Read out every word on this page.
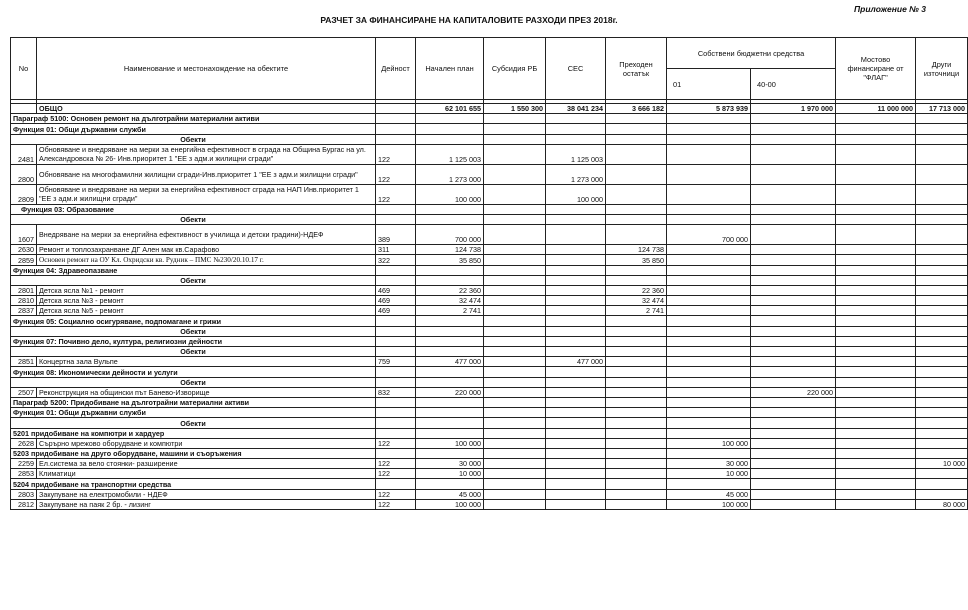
Приложение № 3
РАЗЧЕТ ЗА ФИНАНСИРАНЕ НА КАПИТАЛОВИТЕ РАЗХОДИ ПРЕЗ 2018г.
No	Наименование и местонахождение на обектите	Дейност	Начален план	Субсидия РБ	СЕС	Преходен остатък	Собствени бюджетни средства		Мостово финансиране от "ФЛАГ"	Други източници
							01	40-00		

	ОБЩО		62 101 655	1 550 300	38 041 234	3 666 182	5 873 939	1 970 000	11 000 000	17 713 000
Параграф 5100: Основен ремонт на дълготрайни материални активи										
Функция 01: Общи държавни служби										
Обекти										
2481	Обновяване и внедряване на мерки за енергийна ефективност в сграда на Община Бургас на ул. Александровска № 26- Инв.приоритет 1 "ЕЕ з адм.и жилищни сгради"	122	1 125 003		1 125 003					
2800	Обновяване на многофамилни жилищни сгради-Инв.приоритет 1 "ЕЕ з адм.и жилищни сгради"	122	1 273 000		1 273 000					
2809	Обновяване и внедряване на мерки за енергийна ефективност сграда на НАП Инв.приоритет 1 "ЕЕ з адм.и жилищни сгради"	122	100 000		100 000					
Функция 03: Образование										
Обекти										
1607	Внедряване на мерки за енергийна ефективност в училища и детски градини)-НДЕФ	389	700 000				700 000			
2630	Ремонт и топлозахранване ДГ Ален мак кв.Сарафово	311	124 738			124 738				
2859	Основен ремонт на ОУ Кл. Охридски кв. Рудник – ПМС №230/20.10.17 г.	322	35 850			35 850				
Функция 04: Здравеопазване										
Обекти										
2801	Детска ясла №1 - ремонт	469	22 360			22 360				
2810	Детска ясла №3 - ремонт	469	32 474			32 474				
2837	Детска ясла №5 - ремонт	469	2 741			2 741				
Функция 05: Социално осигуряване, подпомагане и грижи										
Обекти										
Функция 07: Почивно дело, култура, религиозни дейности										
Обекти										
2851	Концертна зала Вульпе	759	477 000		477 000					
Функция 08: Икономически дейности и услуги										
Обекти										
2507	Реконструкция на общински път Банево-Изворище	832	220 000					220 000		
Параграф 5200: Придобиване на дълготрайни материални активи										
Функция 01: Общи държавни служби										
Обекти										
5201 придобиване на компютри и хардуер										
2628	Сърърно мрежово оборудване и компютри	122	100 000				100 000			
5203 придобиване на друго оборудване, машини и съоръжения										
2259	Ел.система за вело стоянки- разширение	122	30 000				30 000			10 000
2853	Климатици	122	10 000				10 000			
5204 придобиване на транспортни средства										
2803	Закупуване на електромобили - НДЕФ	122	45 000				45 000			
2812	Закупуване на паяк 2 бр. - лизинг	122	100 000				100 000			80 000
